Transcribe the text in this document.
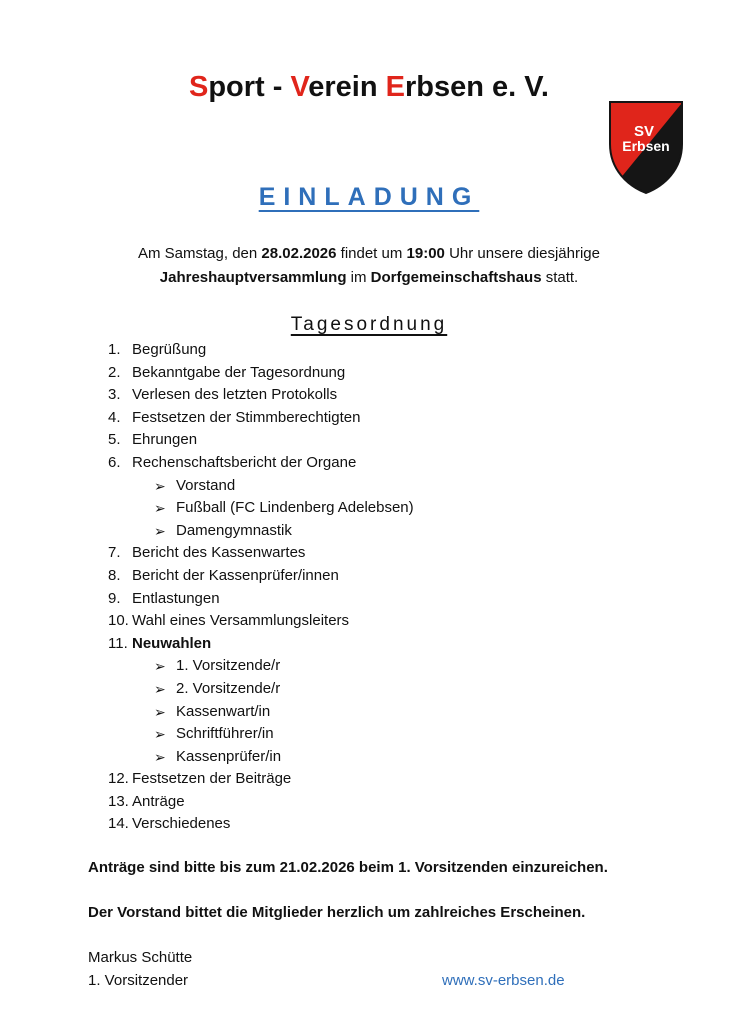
Sport - Verein Erbsen e. V.
SV
Erbsen
EINLADUNG
Am Samstag, den 28.02.2026 findet um 19:00 Uhr unsere diesjährige
Jahreshauptversammlung im Dorfgemeinschaftshaus statt.
Tagesordnung
1. Begrüßung
2. Bekanntgabe der Tagesordnung
3. Verlesen des letzten Protokolls
4. Festsetzen der Stimmberechtigten
5. Ehrungen
6. Rechenschaftsbericht der Organe
➢ Vorstand
➢ Fußball (FC Lindenberg Adelebsen)
➢ Damengymnastik
7. Bericht des Kassenwartes
8. Bericht der Kassenprüfer/innen
9. Entlastungen
10. Wahl eines Versammlungsleiters
11. Neuwahlen
➢ 1. Vorsitzende/r
➢ 2. Vorsitzende/r
➢ Kassenwart/in
➢ Schriftführer/in
➢ Kassenprüfer/in
12. Festsetzen der Beiträge
13. Anträge
14. Verschiedenes
Anträge sind bitte bis zum 21.02.2026 beim 1. Vorsitzenden einzureichen.
Der Vorstand bittet die Mitglieder herzlich um zahlreiches Erscheinen.
Markus Schütte
1. Vorsitzender	www.sv-erbsen.de
